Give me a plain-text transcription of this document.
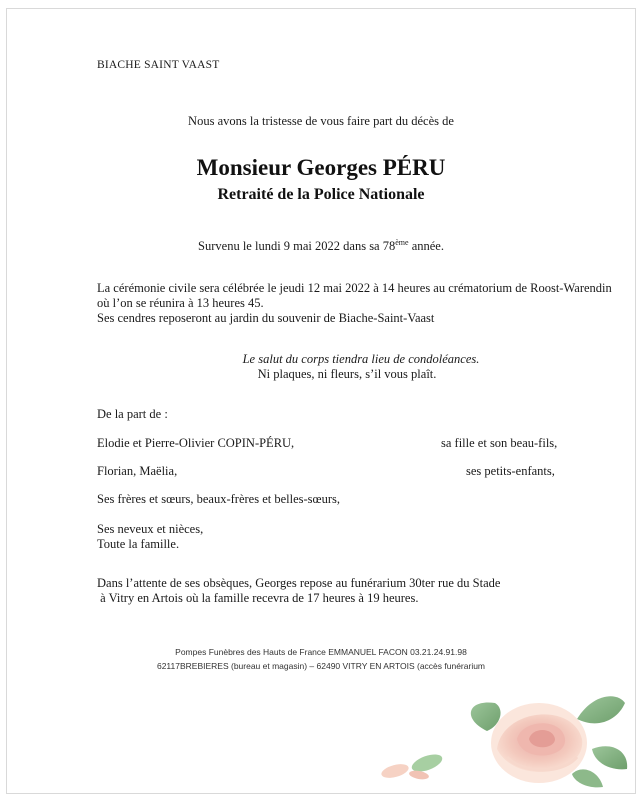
BIACHE SAINT VAAST
Nous avons la tristesse de vous faire part du décès de
Monsieur Georges PÉRU
Retraité de la Police Nationale
Survenu le lundi 9 mai 2022 dans sa 78ème année.
La cérémonie civile sera célébrée le jeudi 12 mai 2022 à 14 heures au crématorium de Roost-Warendin
où l’on se réunira à 13 heures 45.
Ses cendres reposeront au jardin du souvenir de Biache-Saint-Vaast
Le salut du corps tiendra lieu de condoléances.
Ni plaques, ni fleurs, s’il vous plaît.
De la part de :
Elodie et Pierre-Olivier COPIN-PÉRU,	sa fille et son beau-fils,
Florian, Maëlia,	ses petits-enfants,
Ses frères et sœurs, beaux-frères et belles-sœurs,
Ses neveux et nièces,
Toute la famille.
Dans l’attente de ses obsèques, Georges repose au funérarium 30ter rue du Stade
à Vitry en Artois où la famille recevra de 17 heures à 19 heures.
Pompes Funèbres des Hauts de France EMMANUEL FACON 03.21.24.91.98
62117BREBIERES (bureau et magasin) – 62490 VITRY EN ARTOIS (accès funérarium
